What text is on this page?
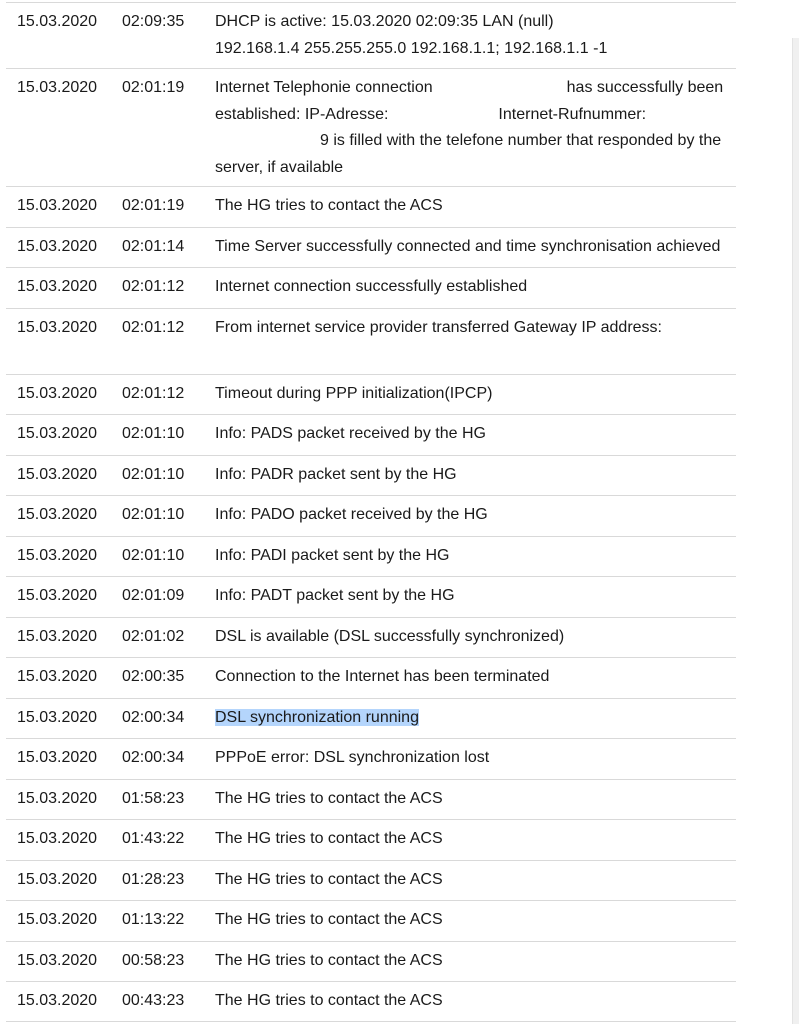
15.03.2020	02:09:35	DHCP is active: 15.03.2020 02:09:35 LAN (null)
192.168.1.4 255.255.255.0 192.168.1.1; 192.168.1.1 -1
15.03.2020	02:01:19	Internet Telephonie connection	has successfully been
established: IP-Adresse:	Internet-Rufnummer:
9 is filled with the telefone number that responded by the
server, if available
15.03.2020	02:01:19	The HG tries to contact the ACS
15.03.2020	02:01:14	Time Server successfully connected and time synchronisation achieved
15.03.2020	02:01:12	Internet connection successfully established
15.03.2020	02:01:12	From internet service provider transferred Gateway IP address:
15.03.2020	02:01:12	Timeout during PPP initialization(IPCP)
15.03.2020	02:01:10	Info: PADS packet received by the HG
15.03.2020	02:01:10	Info: PADR packet sent by the HG
15.03.2020	02:01:10	Info: PADO packet received by the HG
15.03.2020	02:01:10	Info: PADI packet sent by the HG
15.03.2020	02:01:09	Info: PADT packet sent by the HG
15.03.2020	02:01:02	DSL is available (DSL successfully synchronized)
15.03.2020	02:00:35	Connection to the Internet has been terminated
15.03.2020	02:00:34	DSL synchronization running
15.03.2020	02:00:34	PPPoE error: DSL synchronization lost
15.03.2020	01:58:23	The HG tries to contact the ACS
15.03.2020	01:43:22	The HG tries to contact the ACS
15.03.2020	01:28:23	The HG tries to contact the ACS
15.03.2020	01:13:22	The HG tries to contact the ACS
15.03.2020	00:58:23	The HG tries to contact the ACS
15.03.2020	00:43:23	The HG tries to contact the ACS
